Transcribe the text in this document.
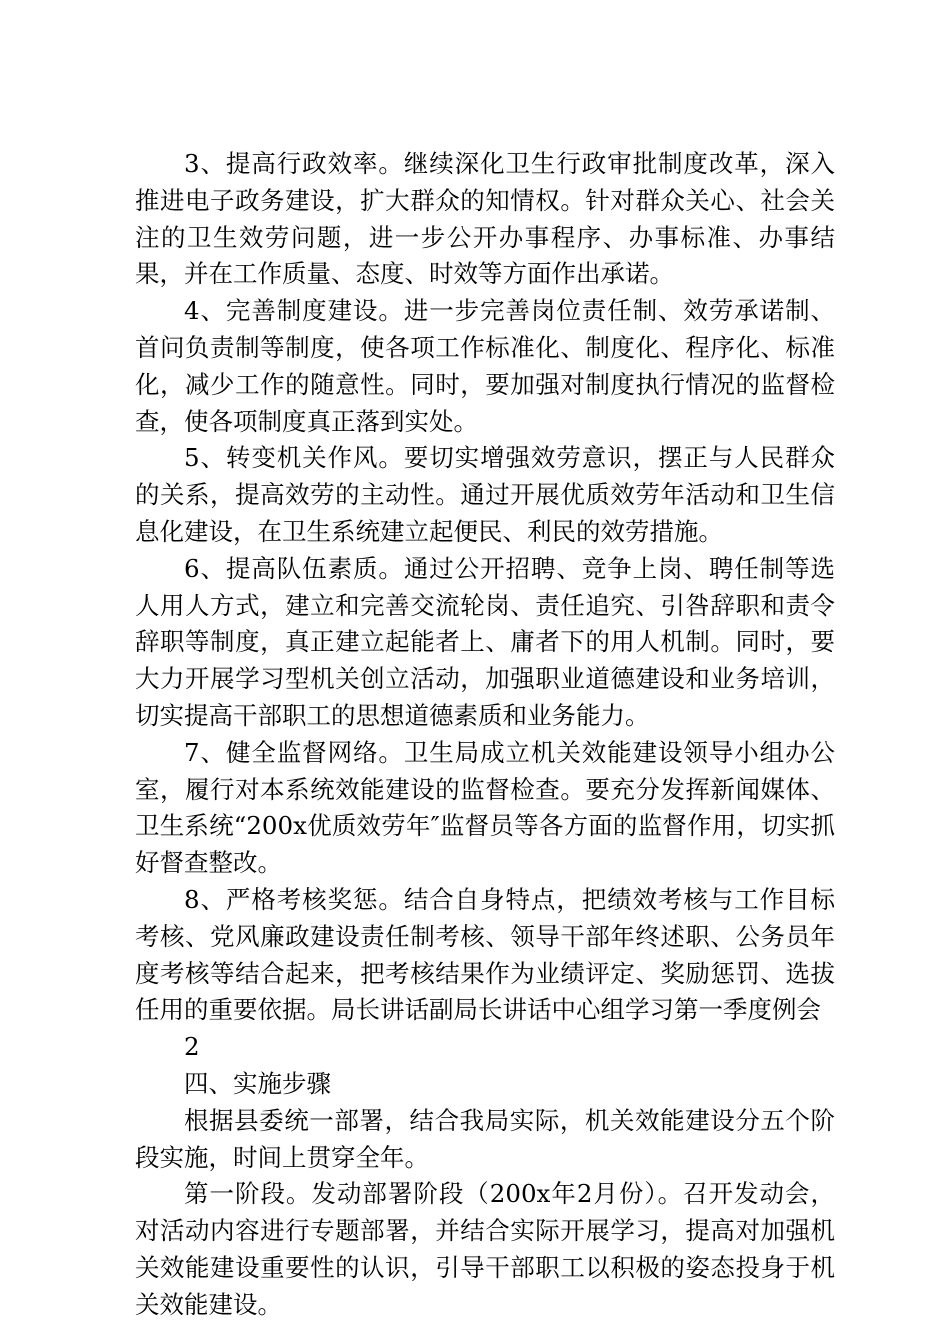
3、提高行政效率。继续深化卫生行政审批制度改革，深入推进电子政务建设，扩大群众的知情权。针对群众关心、社会关注的卫生效劳问题，进一步公开办事程序、办事标准、办事结果，并在工作质量、态度、时效等方面作出承诺。

4、完善制度建设。进一步完善岗位责任制、效劳承诺制、首问负责制等制度，使各项工作标准化、制度化、程序化、标准化，减少工作的随意性。同时，要加强对制度执行情况的监督检查，使各项制度真正落到实处。

5、转变机关作风。要切实增强效劳意识，摆正与人民群众的关系，提高效劳的主动性。通过开展优质效劳年活动和卫生信息化建设，在卫生系统建立起便民、利民的效劳措施。

6、提高队伍素质。通过公开招聘、竞争上岗、聘任制等选人用人方式，建立和完善交流轮岗、责任追究、引咎辞职和责令辞职等制度，真正建立起能者上、庸者下的用人机制。同时，要大力开展学习型机关创立活动，加强职业道德建设和业务培训，切实提高干部职工的思想道德素质和业务能力。

7、健全监督网络。卫生局成立机关效能建设领导小组办公室，履行对本系统效能建设的监督检查。要充分发挥新闻媒体、卫生系统“200x优质效劳年″监督员等各方面的监督作用，切实抓好督查整改。

8、严格考核奖惩。结合自身特点，把绩效考核与工作目标考核、党风廉政建设责任制考核、领导干部年终述职、公务员年度考核等结合起来，把考核结果作为业绩评定、奖励惩罚、选拔任用的重要依据。局长讲话副局长讲话中心组学习第一季度例会

2

四、实施步骤

根据县委统一部署，结合我局实际，机关效能建设分五个阶段实施，时间上贯穿全年。

第一阶段。发动部署阶段（200x年2月份）。召开发动会，对活动内容进行专题部署，并结合实际开展学习，提高对加强机关效能建设重要性的认识，引导干部职工以积极的姿态投身于机关效能建设。
